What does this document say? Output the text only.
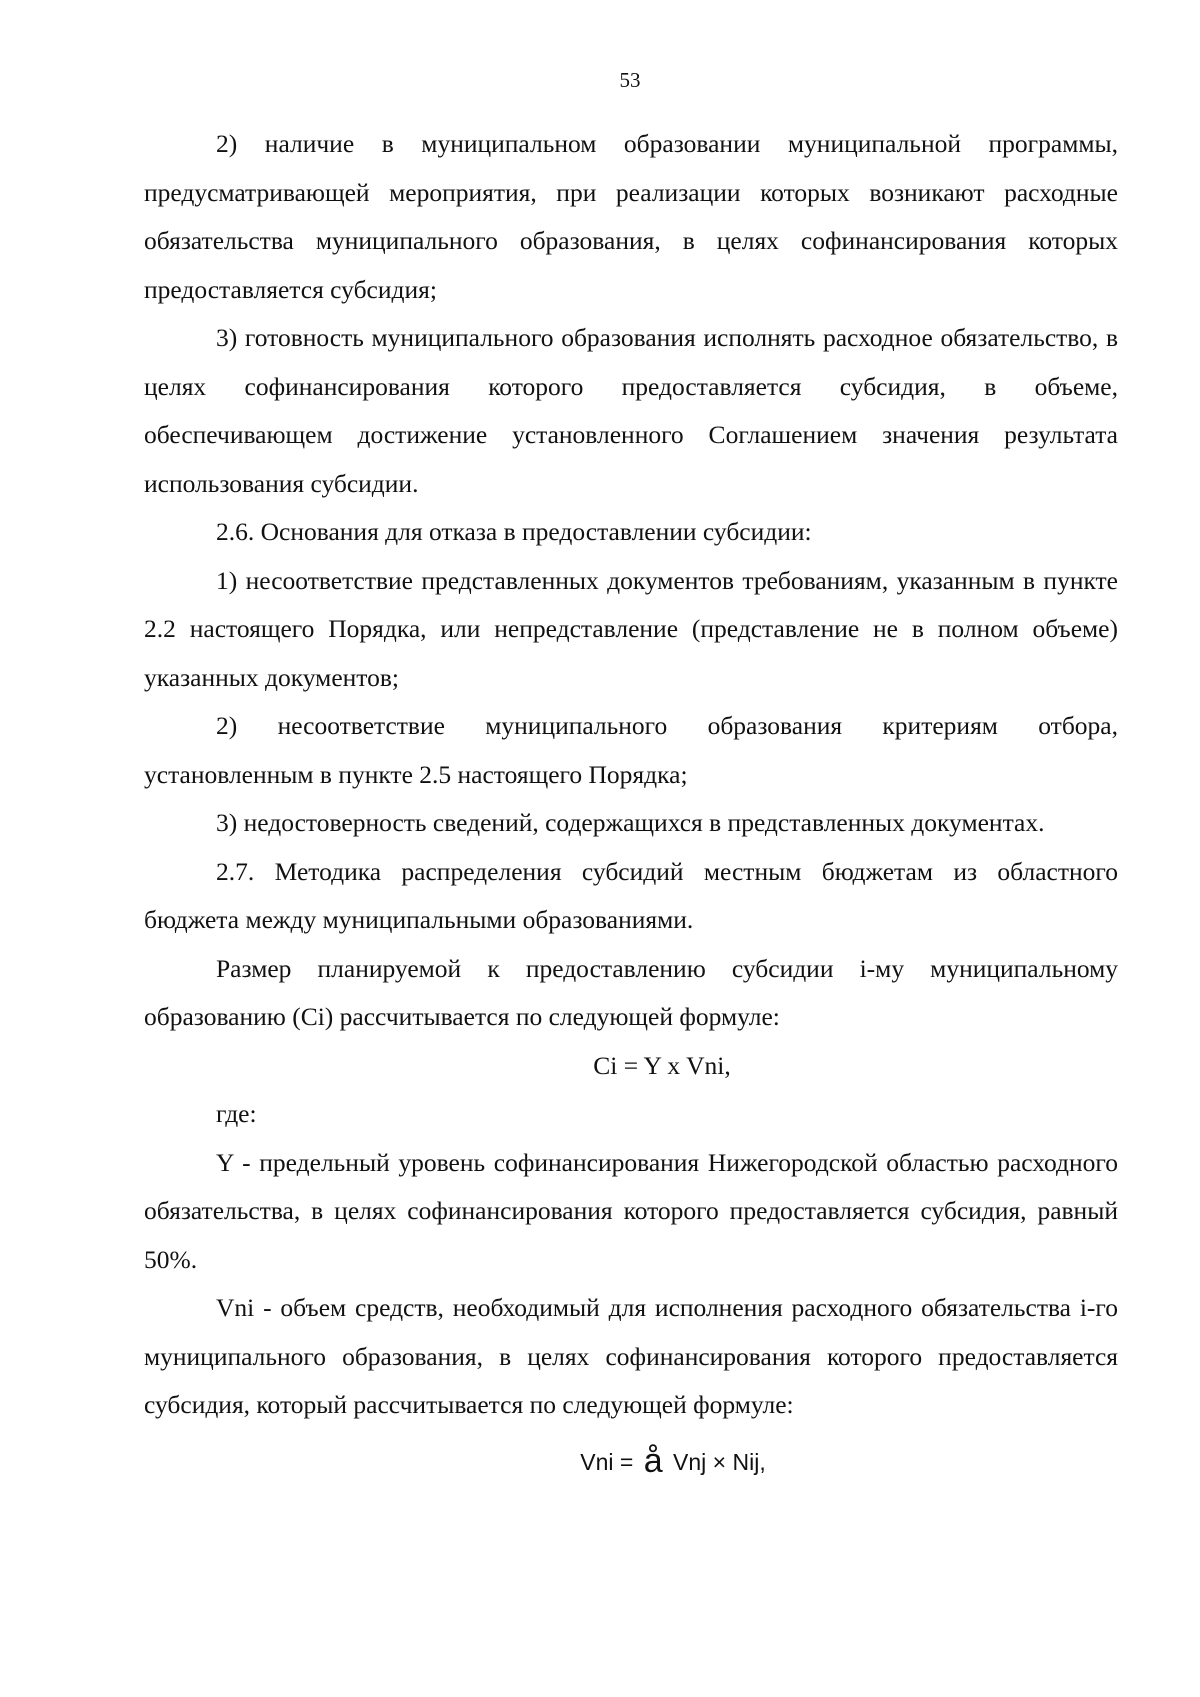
53

2) наличие в муниципальном образовании муниципальной программы, предусматривающей мероприятия, при реализации которых возникают расходные обязательства муниципального образования, в целях софинансирования которых предоставляется субсидия;

3) готовность муниципального образования исполнять расходное обязательство, в целях софинансирования которого предоставляется субсидия, в объеме, обеспечивающем достижение установленного Соглашением значения результата использования субсидии.

2.6. Основания для отказа в предоставлении субсидии:

1) несоответствие представленных документов требованиям, указанным в пункте 2.2 настоящего Порядка, или непредставление (представление не в полном объеме) указанных документов;

2) несоответствие муниципального образования критериям отбора, установленным в пункте 2.5 настоящего Порядка;

3) недостоверность сведений, содержащихся в представленных документах.

2.7. Методика распределения субсидий местным бюджетам из областного бюджета между муниципальными образованиями.

Размер планируемой к предоставлению субсидии i-му муниципальному образованию (Ci) рассчитывается по следующей формуле:

Ci = Y x Vni,

где:

Y - предельный уровень софинансирования Нижегородской областью расходного обязательства, в целях софинансирования которого предоставляется субсидия, равный 50%.

Vni - объем средств, необходимый для исполнения расходного обязательства i-го муниципального образования, в целях софинансирования которого предоставляется субсидия, который рассчитывается по следующей формуле:

Vni = å Vnj × Nij,
